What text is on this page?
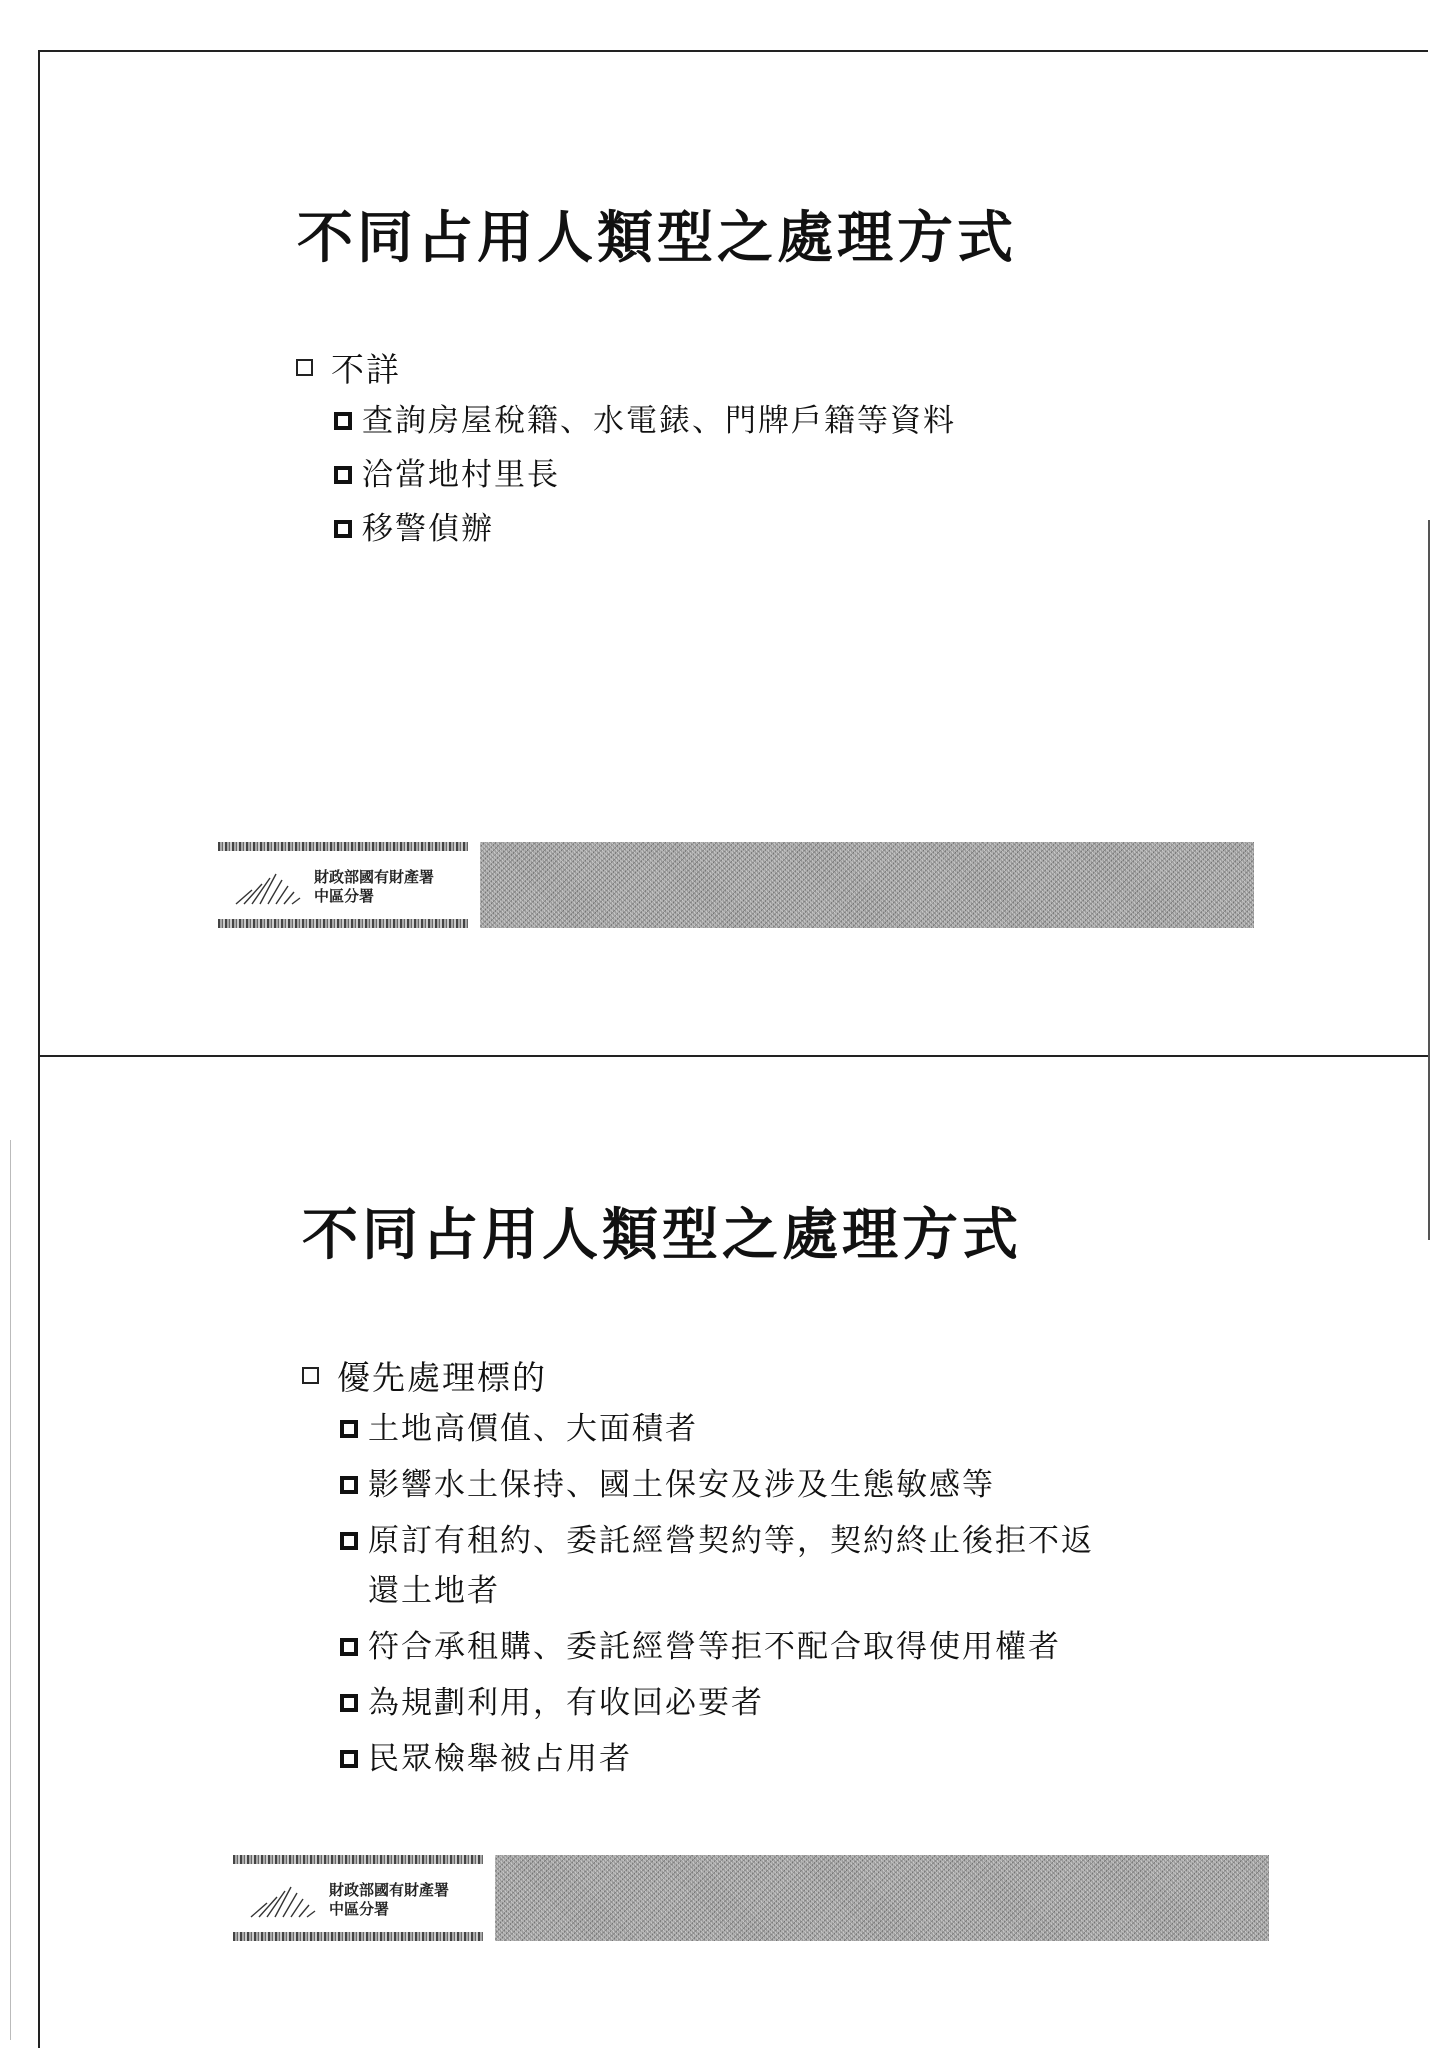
不同占用人類型之處理方式
不詳
查詢房屋稅籍、水電錶、門牌戶籍等資料
洽當地村里長
移警偵辦
財政部國有財產署
中區分署
不同占用人類型之處理方式
優先處理標的
土地高價值、大面積者
影響水土保持、國土保安及涉及生態敏感等
原訂有租約、委託經營契約等，契約終止後拒不返
還土地者
符合承租購、委託經營等拒不配合取得使用權者
為規劃利用，有收回必要者
民眾檢舉被占用者
財政部國有財產署
中區分署
